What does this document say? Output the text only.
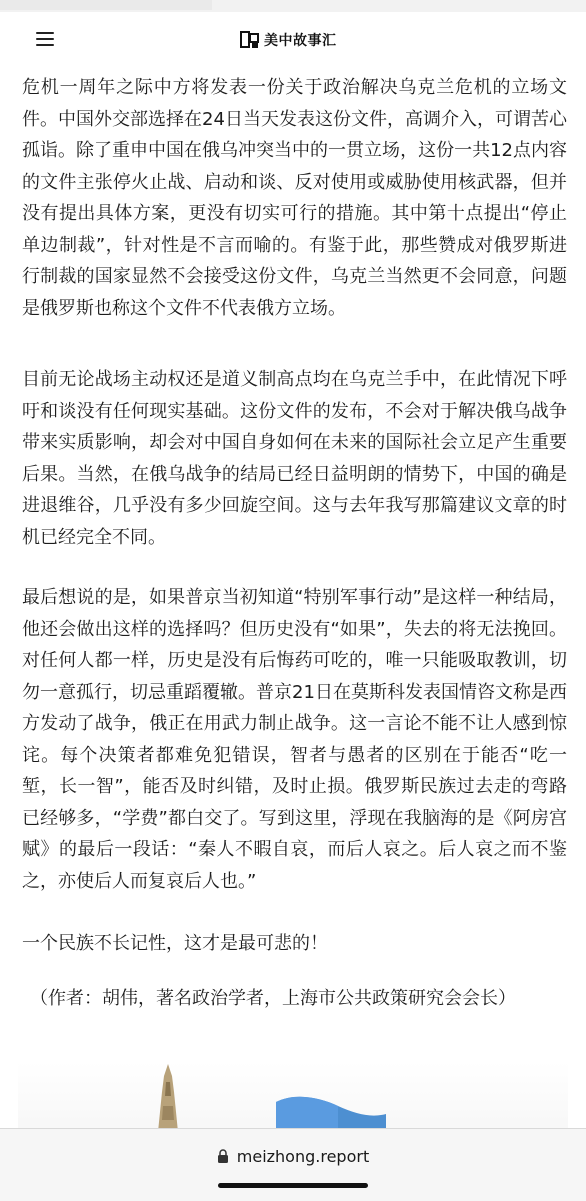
美中故事汇

危机一周年之际中方将发表一份关于政治解决乌克兰危机的立场文件。中国外交部选择在24日当天发表这份文件，高调介入，可谓苦心孤诣。除了重申中国在俄乌冲突当中的一贯立场，这份一共12点内容的文件主张停火止战、启动和谈、反对使用或威胁使用核武器，但并没有提出具体方案，更没有切实可行的措施。其中第十点提出“停止单边制裁”，针对性是不言而喻的。有鉴于此，那些赞成对俄罗斯进行制裁的国家显然不会接受这份文件，乌克兰当然更不会同意，问题是俄罗斯也称这个文件不代表俄方立场。

目前无论战场主动权还是道义制高点均在乌克兰手中，在此情况下呼吁和谈没有任何现实基础。这份文件的发布，不会对于解决俄乌战争带来实质影响，却会对中国自身如何在未来的国际社会立足产生重要后果。当然，在俄乌战争的结局已经日益明朗的情势下，中国的确是进退维谷，几乎没有多少回旋空间。这与去年我写那篇建议文章的时机已经完全不同。

最后想说的是，如果普京当初知道“特别军事行动”是这样一种结局，他还会做出这样的选择吗？但历史没有“如果”，失去的将无法挽回。对任何人都一样，历史是没有后悔药可吃的，唯一只能吸取教训，切勿一意孤行，切忌重蹈覆辙。普京21日在莫斯科发表国情咨文称是西方发动了战争，俄正在用武力制止战争。这一言论不能不让人感到惊诧。每个决策者都难免犯错误，智者与愚者的区别在于能否“吃一堑，长一智”，能否及时纠错，及时止损。俄罗斯民族过去走的弯路已经够多，“学费”都白交了。写到这里，浮现在我脑海的是《阿房宫赋》的最后一段话：“秦人不暇自哀，而后人哀之。后人哀之而不鉴之，亦使后人而复哀后人也。”

一个民族不长记性，这才是最可悲的！

（作者：胡伟，著名政治学者，上海市公共政策研究会会长）

meizhong.report
